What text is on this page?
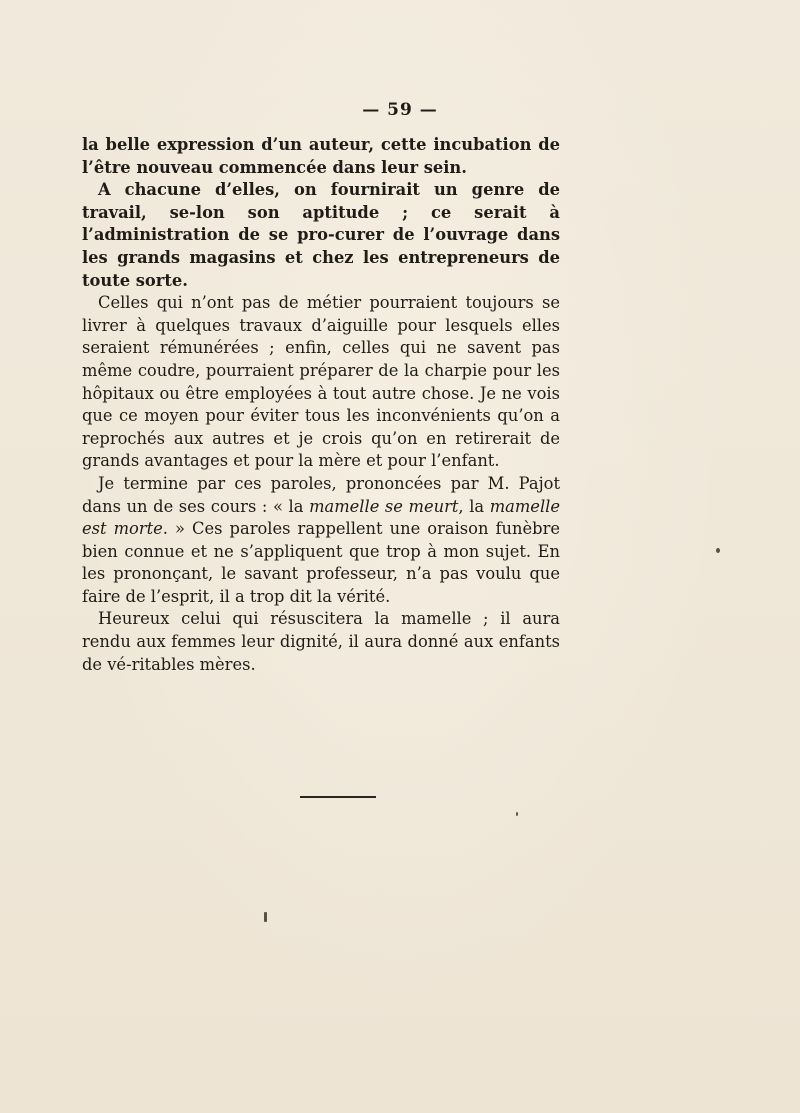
— 59 —

la belle expression d’un auteur, cette incubation de l’être nouveau commencée dans leur sein.

A chacune d’elles, on fournirait un genre de travail, se-lon son aptitude ; ce serait à l’administration de se pro-curer de l’ouvrage dans les grands magasins et chez les entrepreneurs de toute sorte.

Celles qui n’ont pas de métier pourraient toujours se livrer à quelques travaux d’aiguille pour lesquels elles seraient rémunérées ; enfin, celles qui ne savent pas même coudre, pourraient préparer de la charpie pour les hôpitaux ou être employées à tout autre chose. Je ne vois que ce moyen pour éviter tous les inconvénients qu’on a reprochés aux autres et je crois qu’on en retirerait de grands avantages et pour la mère et pour l’enfant.

Je termine par ces paroles, prononcées par M. Pajot dans un de ses cours : « la mamelle se meurt, la mamelle est morte. » Ces paroles rappellent une oraison funèbre bien connue et ne s’appliquent que trop à mon sujet. En les prononçant, le savant professeur, n’a pas voulu que faire de l’esprit, il a trop dit la vérité.

Heureux celui qui résuscitera la mamelle ; il aura rendu aux femmes leur dignité, il aura donné aux enfants de vé-ritables mères.
